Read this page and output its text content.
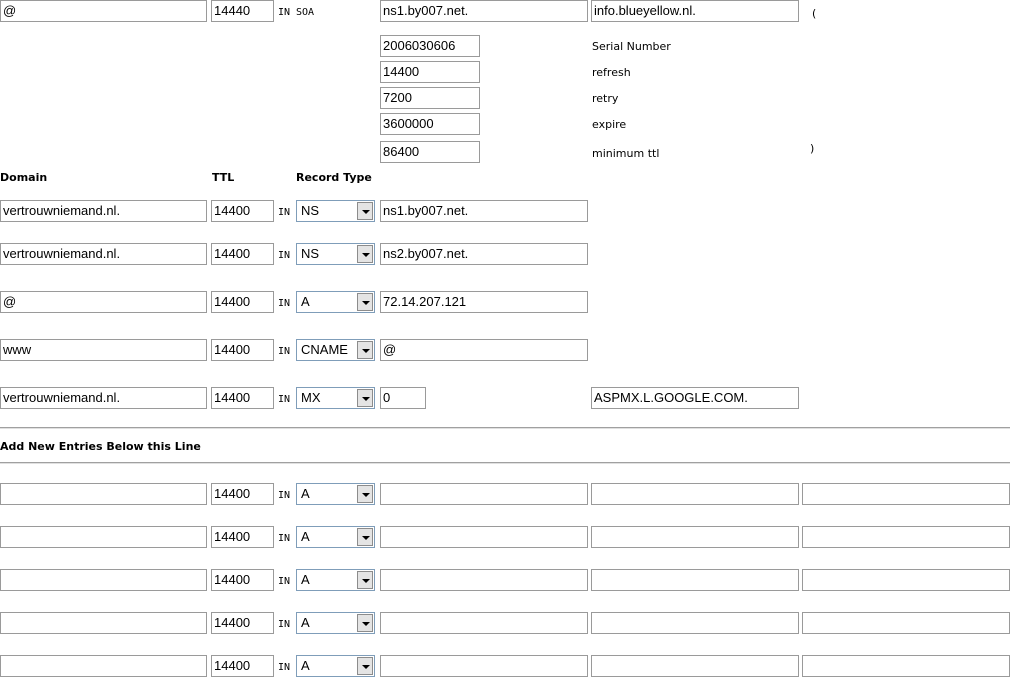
@	14440	IN SOA	ns1.by007.net.	info.blueyellow.nl.	(
2006030606	Serial Number
14400	refresh
7200	retry
3600000	expire
86400	minimum ttl	)
Domain	TTL	Record Type
vertrouwniemand.nl.	14400	IN NS	ns1.by007.net.
vertrouwniemand.nl.	14400	IN NS	ns2.by007.net.
@	14400	IN A	72.14.207.121
www	14400	IN CNAME	@
vertrouwniemand.nl.	14400	IN MX	0	ASPMX.L.GOOGLE.COM.
Add New Entries Below this Line
14400	IN A
14400	IN A
14400	IN A
14400	IN A
14400	IN A
